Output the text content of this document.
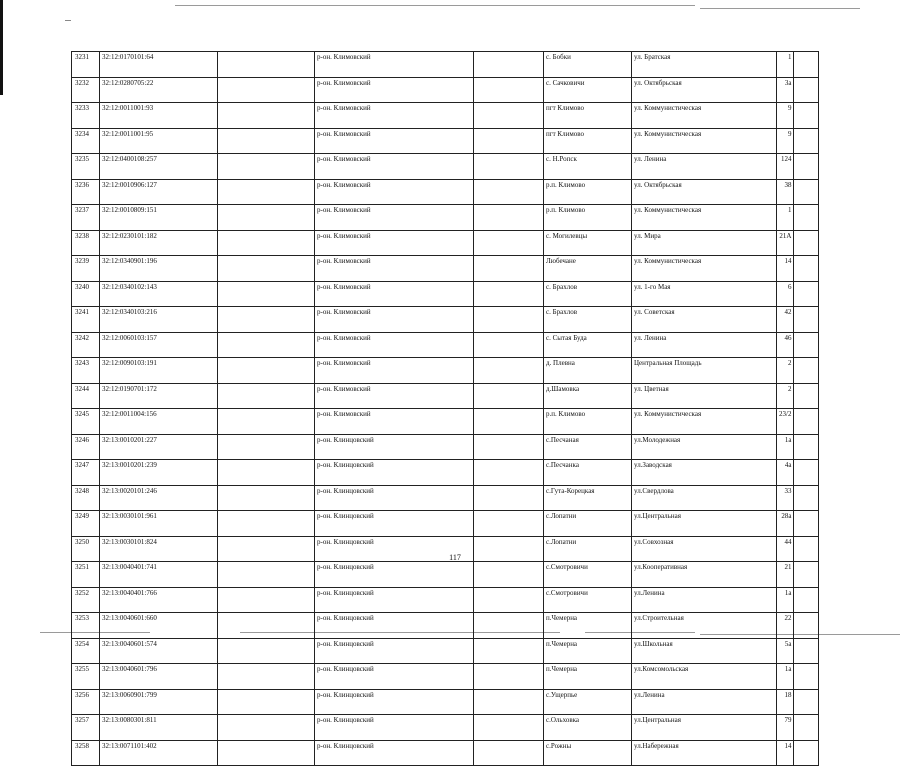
3231	32:12:0170101:64		р-он. Климовский		с. Бобки	ул. Братская	1	
3232	32:12:0280705:22		р-он. Климовский		с. Сачковичи	ул. Октябрьская	3а	
3233	32:12:0011001:93		р-он. Климовский		пгт Климово	ул. Коммунистическая	9	
3234	32:12:0011001:95		р-он. Климовский		пгт Климово	ул. Коммунистическая	9	
3235	32:12:0400108:257		р-он. Климовский		с. Н.Ропск	ул. Ленина	124	
3236	32:12:0010906:127		р-он. Климовский		р.п. Климово	ул. Октябрьская	38	
3237	32:12:0010809:151		р-он. Климовский		р.п. Климово	ул. Коммунистическая	1	
3238	32:12:0230101:182		р-он. Климовский		с. Могилевцы	ул. Мира	21А	
3239	32:12:0340901:196		р-он. Климовский		Любечане	ул. Коммунистическая	14	
3240	32:12:0340102:143		р-он. Климовский		с. Брахлов	ул. 1-го Мая	6	
3241	32:12:0340103:216		р-он. Климовский		с. Брахлов	ул. Советская	42	
3242	32:12:0060103:157		р-он. Климовский		с. Сытая Буда	ул. Ленина	46	
3243	32:12:0090103:191		р-он. Климовский		д. Плевна	Центральная Площадь	2	
3244	32:12:0190701:172		р-он. Климовский		д.Шамовка	ул. Цветная	2	
3245	32:12:0011004:156		р-он. Климовский		р.п. Климово	ул. Коммунистическая	23/2	
3246	32:13:0010201:227		р-он. Клинцовский		с.Песчаная	ул.Молодежная	1а	
3247	32:13:0010201:239		р-он. Клинцовский		с.Песчанка	ул.Заводская	4а	
3248	32:13:0020101:246		р-он. Клинцовский		с.Гута-Корецкая	ул.Свердлова	33	
3249	32:13:0030101:961		р-он. Клинцовский		с.Лопатни	ул.Центральная	28а	
3250	32:13:0030101:824		р-он. Клинцовский		с.Лопатни	ул.Совхозная	44	
3251	32:13:0040401:741		р-он. Клинцовский		с.Смотровичи	ул.Кооперативная	21	
3252	32:13:0040401:766		р-он. Клинцовский		с.Смотровичи	ул.Ленина	1а	
3253	32:13:0040601:660		р-он. Клинцовский		п.Чемерна	ул.Строительная	22	
3254	32:13:0040601:574		р-он. Клинцовский		п.Чемерна	ул.Школьная	5а	
3255	32:13:0040601:796		р-он. Клинцовский		п.Чемерна	ул.Комсомольская	1а	
3256	32:13:0060901:799		р-он. Клинцовский		с.Ущерпье	ул.Ленина	18	
3257	32:13:0080301:811		р-он. Клинцовский		с.Ольховка	ул.Центральная	79	
3258	32:13:0071101:402		р-он. Клинцовский		с.Рожны	ул.Набережная	14	
117
